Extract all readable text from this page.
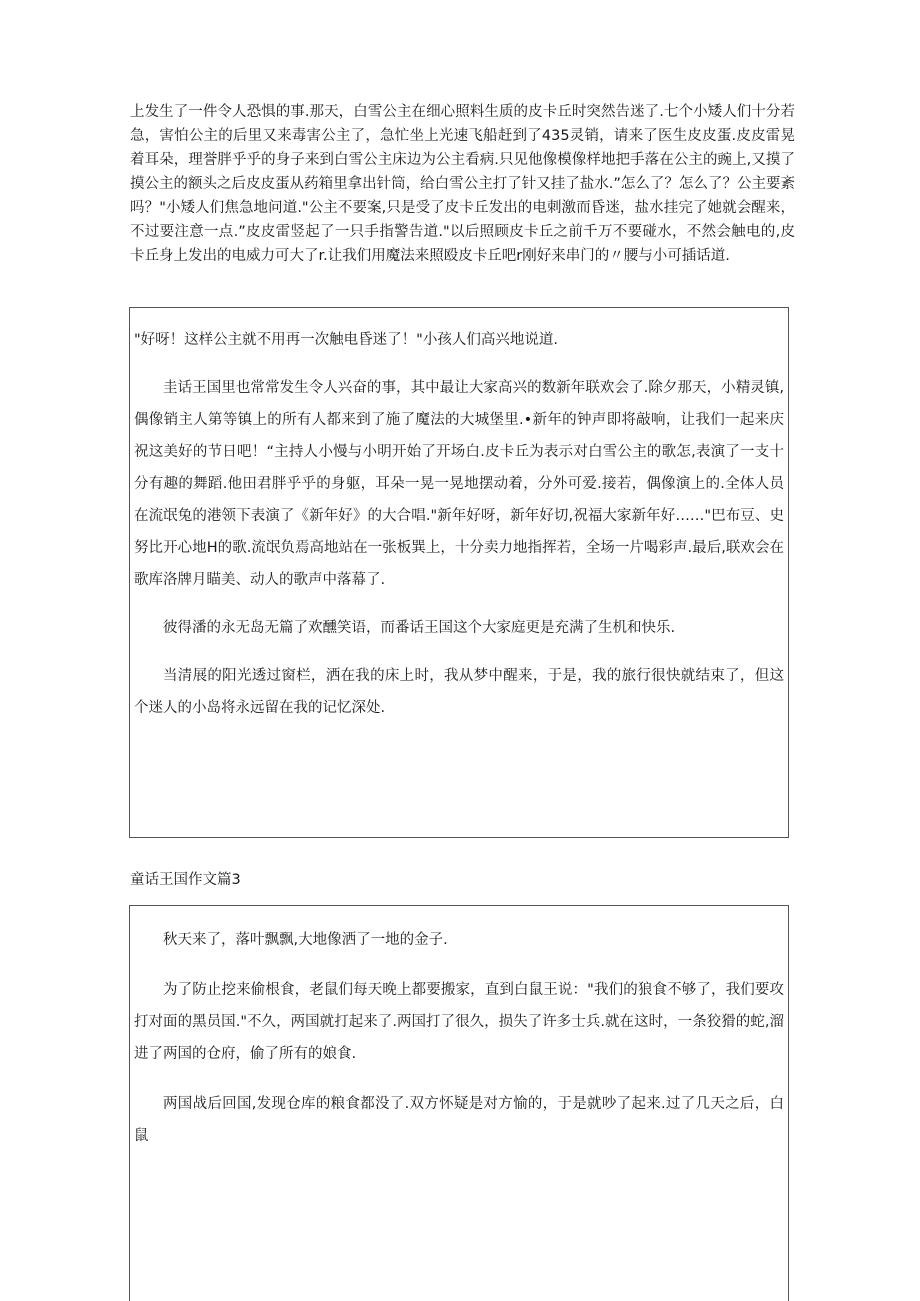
上发生了一件令人恐惧的事.那天，白雪公主在细心照料生质的皮卡丘时突然告迷了.七个小矮人们十分若急，害怕公主的后里又来毒害公主了，急忙坐上光速飞船赶到了435灵销，请来了医生皮皮蛋.皮皮雷晃着耳朵，理誉胖乎乎的身子来到白雪公主床边为公主看病.只见他像模像样地把手落在公主的豌上,又摸了摸公主的额头之后皮皮蛋从药箱里拿出针筒，给白雪公主打了针又挂了盐水.”怎么了？怎么了？公主要紊吗？"小矮人们焦急地问道."公主不要案,只是受了皮卡丘发出的电刺激而昏迷，盐水挂完了她就会醒来，不过要注意一点.”皮皮雷竖起了一只手指警告道."以后照顾皮卡丘之前千万不要碰水，不然会触电的,皮卡丘身上发出的电威力可大了r.让我们用魔法来照殴皮卡丘吧r刚好来串门的〃腰与小可插话道.

"好呀！这样公主就不用再一次触电昏迷了！"小孩人们高兴地说道.

圭话王国里也常常发生令人兴奋的事，其中最让大家高兴的数新年联欢会了.除夕那天，小精灵镇,偶像销主人第等镇上的所有人都来到了施了魔法的大城堡里.•新年的钟声即将敲响，让我们一起来庆祝这美好的节日吧！“主持人小慢与小明开始了开场白.皮卡丘为表示对白雪公主的歌怎,表演了一支十分有趣的舞蹈.他田君胖乎乎的身躯，耳朵一晃一晃地摆动着，分外可爱.接若，偶像演上的.全体人员在流氓兔的港领下表演了《新年好》的大合唱."新年好呀，新年好切,祝福大家新年好……"巴布豆、史努比开心地H的歌.流氓负焉高地站在一张板巽上，十分卖力地指挥若，全场一片喝彩声.最后,联欢会在歌库洛牌月瞄美、动人的歌声中落幕了.

彼得潘的永无岛无篇了欢醺笑语，而番话王国这个大家庭更是充满了生机和快乐.

当清展的阳光透过窗栏，洒在我的床上时，我从梦中醒来，于是，我的旅行很快就结束了，但这个迷人的小岛将永远留在我的记忆深处.

童话王国作文篇3

秋天来了，落叶飘飘,大地像洒了一地的金子.

为了防止挖来偷根食，老鼠们每天晚上都要搬家，直到白鼠王说："我们的狼食不够了，我们要攻打对面的黑员国."不久，两国就打起来了.两国打了很久，损失了许多士兵.就在这时，一条狡猾的蛇,溜进了两国的仓府，偷了所有的娘食.

两国战后回国,发现仓库的粮食都没了.双方怀疑是对方愉的，于是就吵了起来.过了几天之后，白鼠
